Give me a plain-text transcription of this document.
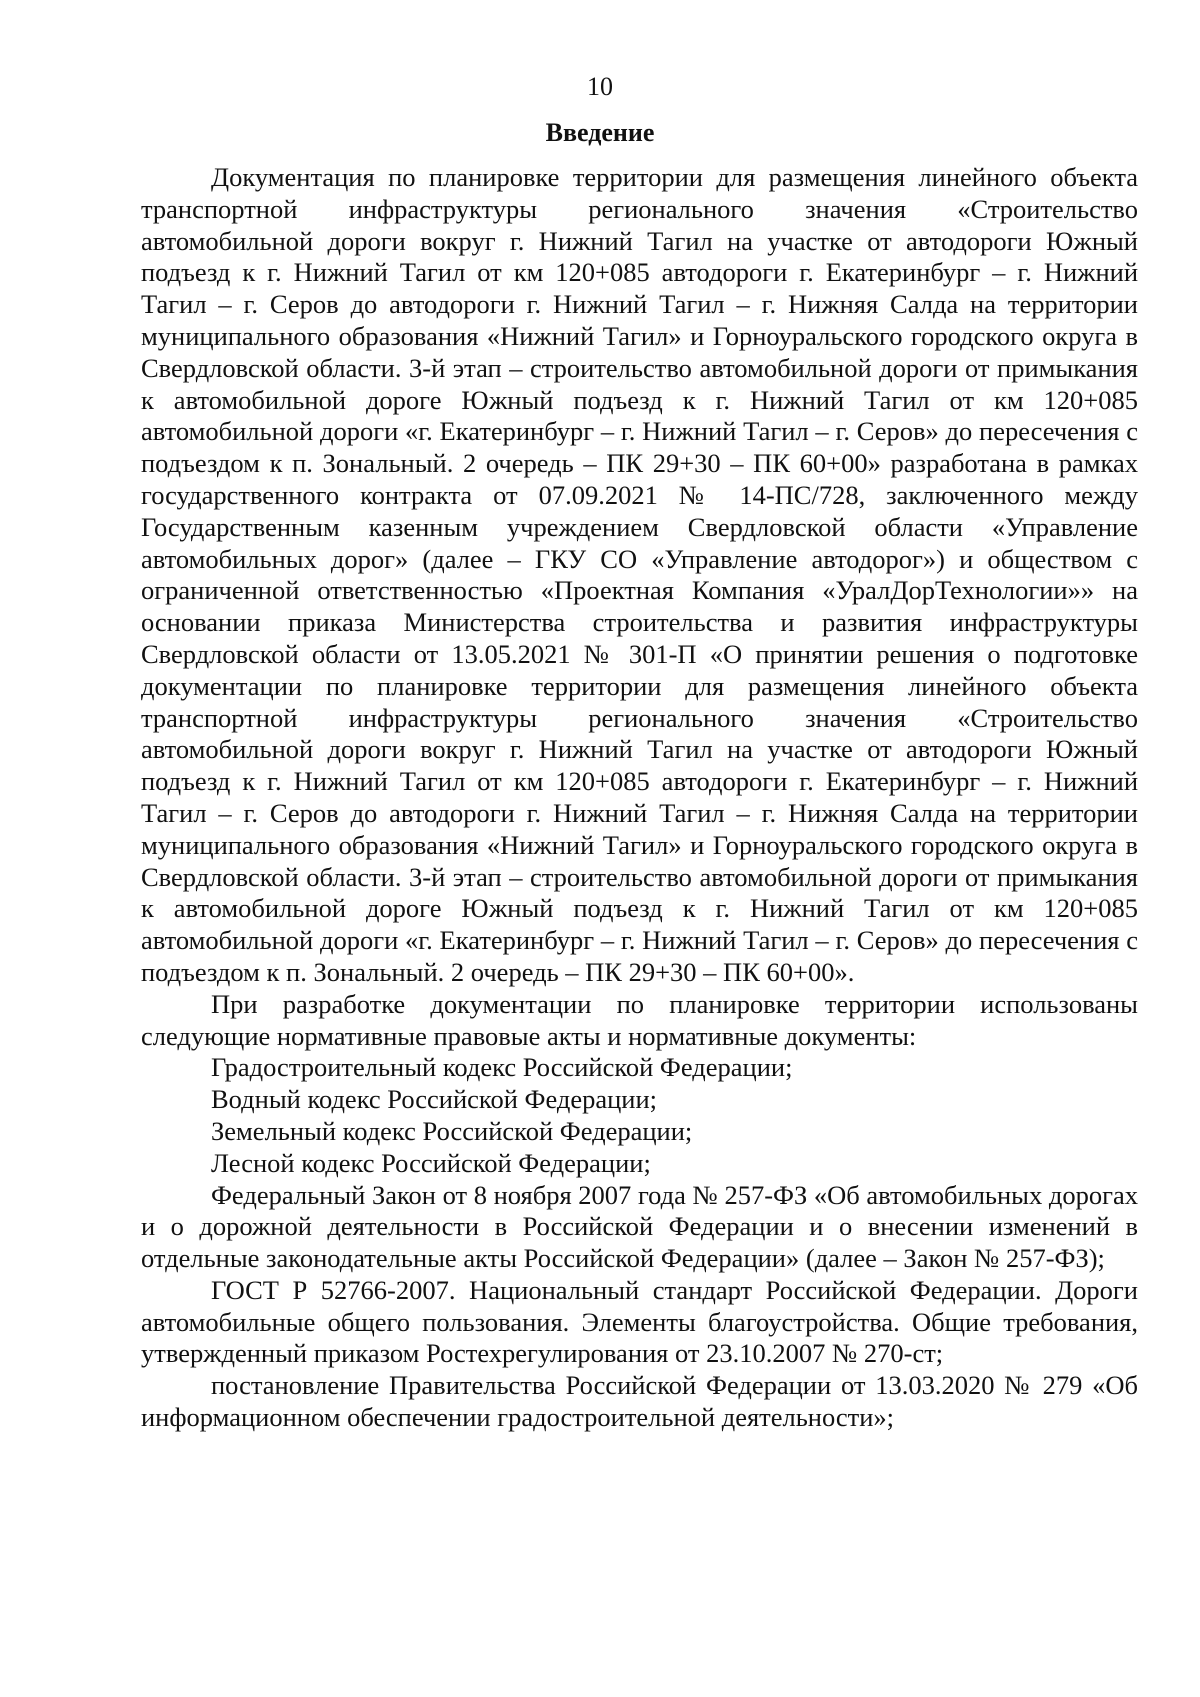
10
Введение

Документация по планировке территории для размещения линейного объекта транспортной инфраструктуры регионального значения «Строительство автомобильной дороги вокруг г. Нижний Тагил на участке от автодороги Южный подъезд к г. Нижний Тагил от км 120+085 автодороги г. Екатеринбург – г. Нижний Тагил – г. Серов до автодороги г. Нижний Тагил – г. Нижняя Салда на территории муниципального образования «Нижний Тагил» и Горноуральского городского округа в Свердловской области. 3-й этап – строительство автомобильной дороги от примыкания к автомобильной дороге Южный подъезд к г. Нижний Тагил от км 120+085 автомобильной дороги «г. Екатеринбург – г. Нижний Тагил – г. Серов» до пересечения с подъездом к п. Зональный. 2 очередь – ПК 29+30 – ПК 60+00» разработана в рамках государственного контракта от 07.09.2021 № 14-ПС/728, заключенного между Государственным казенным учреждением Свердловской области «Управление автомобильных дорог» (далее – ГКУ СО «Управление автодорог») и обществом с ограниченной ответственностью «Проектная Компания «УралДорТехнологии»» на основании приказа Министерства строительства и развития инфраструктуры Свердловской области от 13.05.2021 № 301-П «О принятии решения о подготовке документации по планировке территории для размещения линейного объекта транспортной инфраструктуры регионального значения «Строительство автомобильной дороги вокруг г. Нижний Тагил на участке от автодороги Южный подъезд к г. Нижний Тагил от км 120+085 автодороги г. Екатеринбург – г. Нижний Тагил – г. Серов до автодороги г. Нижний Тагил – г. Нижняя Салда на территории муниципального образования «Нижний Тагил» и Горноуральского городского округа в Свердловской области. 3-й этап – строительство автомобильной дороги от примыкания к автомобильной дороге Южный подъезд к г. Нижний Тагил от км 120+085 автомобильной дороги «г. Екатеринбург – г. Нижний Тагил – г. Серов» до пересечения с подъездом к п. Зональный. 2 очередь – ПК 29+30 – ПК 60+00».

При разработке документации по планировке территории использованы следующие нормативные правовые акты и нормативные документы:

Градостроительный кодекс Российской Федерации;

Водный кодекс Российской Федерации;

Земельный кодекс Российской Федерации;

Лесной кодекс Российской Федерации;

Федеральный Закон от 8 ноября 2007 года № 257-ФЗ «Об автомобильных дорогах и о дорожной деятельности в Российской Федерации и о внесении изменений в отдельные законодательные акты Российской Федерации» (далее – Закон № 257-ФЗ);

ГОСТ Р 52766-2007. Национальный стандарт Российской Федерации. Дороги автомобильные общего пользования. Элементы благоустройства. Общие требования, утвержденный приказом Ростехрегулирования от 23.10.2007 № 270-ст;

постановление Правительства Российской Федерации от 13.03.2020 № 279 «Об информационном обеспечении градостроительной деятельности»;
